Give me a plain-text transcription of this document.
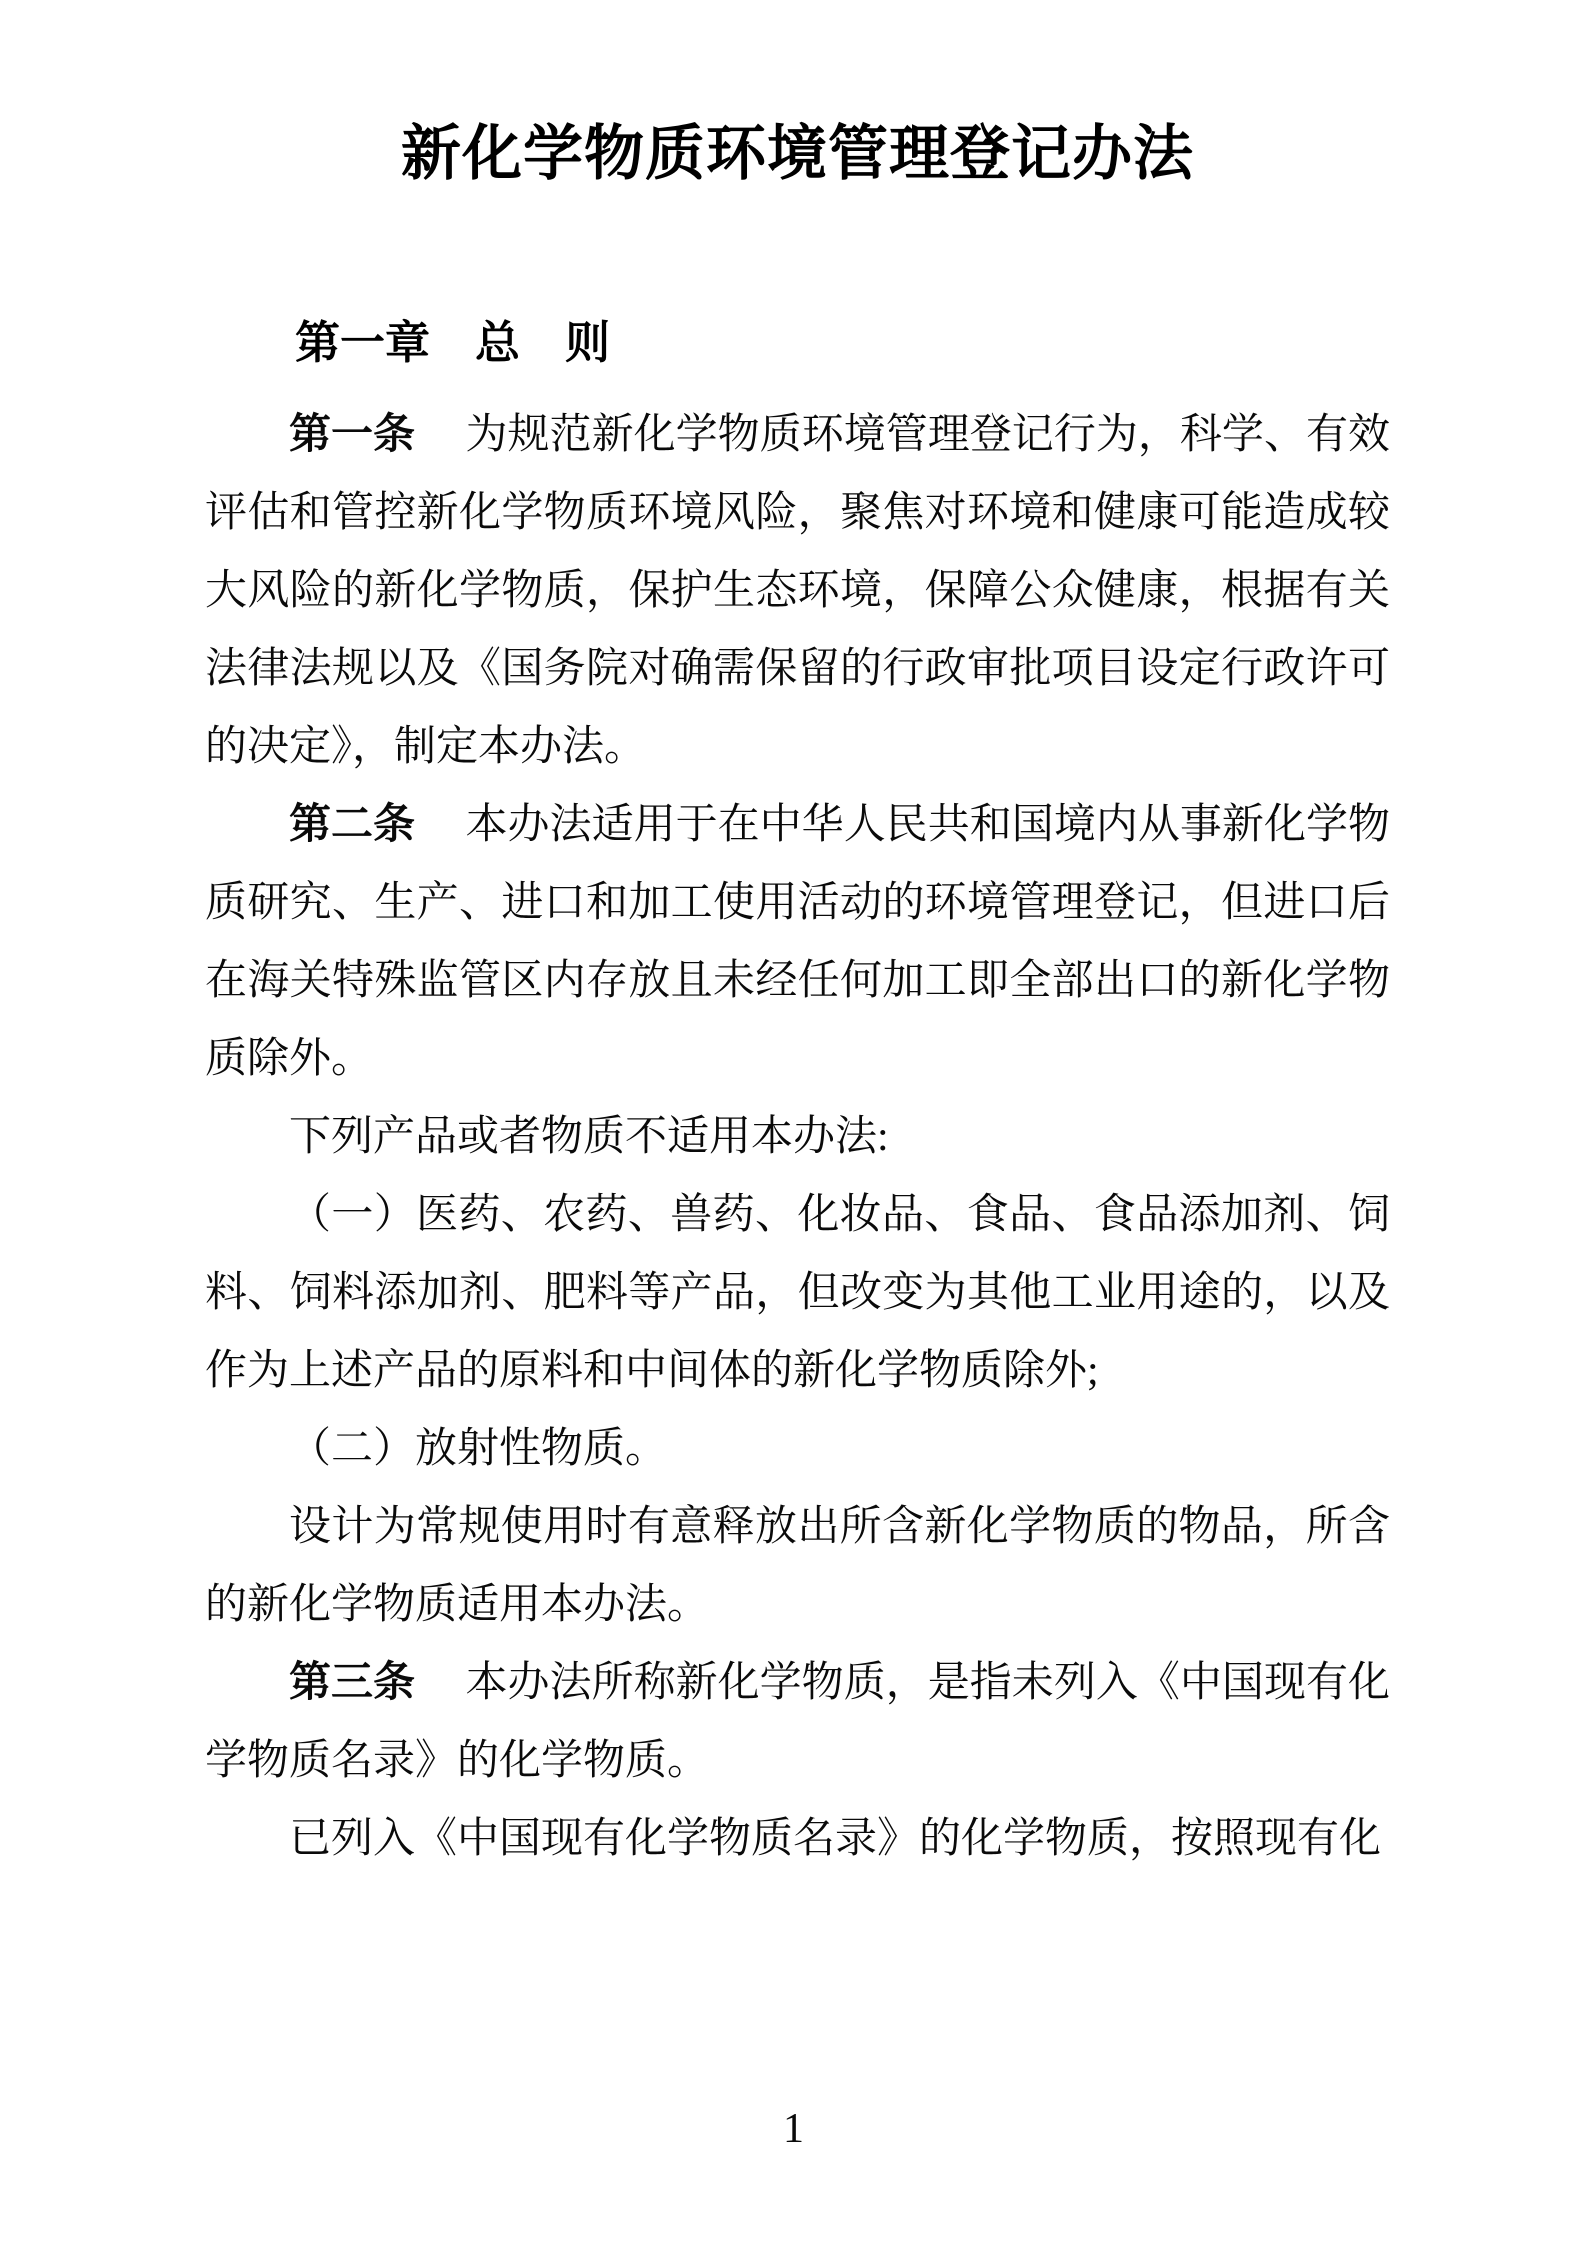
新化学物质环境管理登记办法
第一章　总　则

第一条 为规范新化学物质环境管理登记行为，科学、有效评估和管控新化学物质环境风险，聚焦对环境和健康可能造成较大风险的新化学物质，保护生态环境，保障公众健康，根据有关法律法规以及《国务院对确需保留的行政审批项目设定行政许可的决定》，制定本办法。

第二条 本办法适用于在中华人民共和国境内从事新化学物质研究、生产、进口和加工使用活动的环境管理登记，但进口后在海关特殊监管区内存放且未经任何加工即全部出口的新化学物质除外。

下列产品或者物质不适用本办法:

（一）医药、农药、兽药、化妆品、食品、食品添加剂、饲料、饲料添加剂、肥料等产品，但改变为其他工业用途的，以及作为上述产品的原料和中间体的新化学物质除外;

（二）放射性物质。

设计为常规使用时有意释放出所含新化学物质的物品，所含的新化学物质适用本办法。

第三条 本办法所称新化学物质，是指未列入《中国现有化学物质名录》的化学物质。

已列入《中国现有化学物质名录》的化学物质，按照现有化

1
